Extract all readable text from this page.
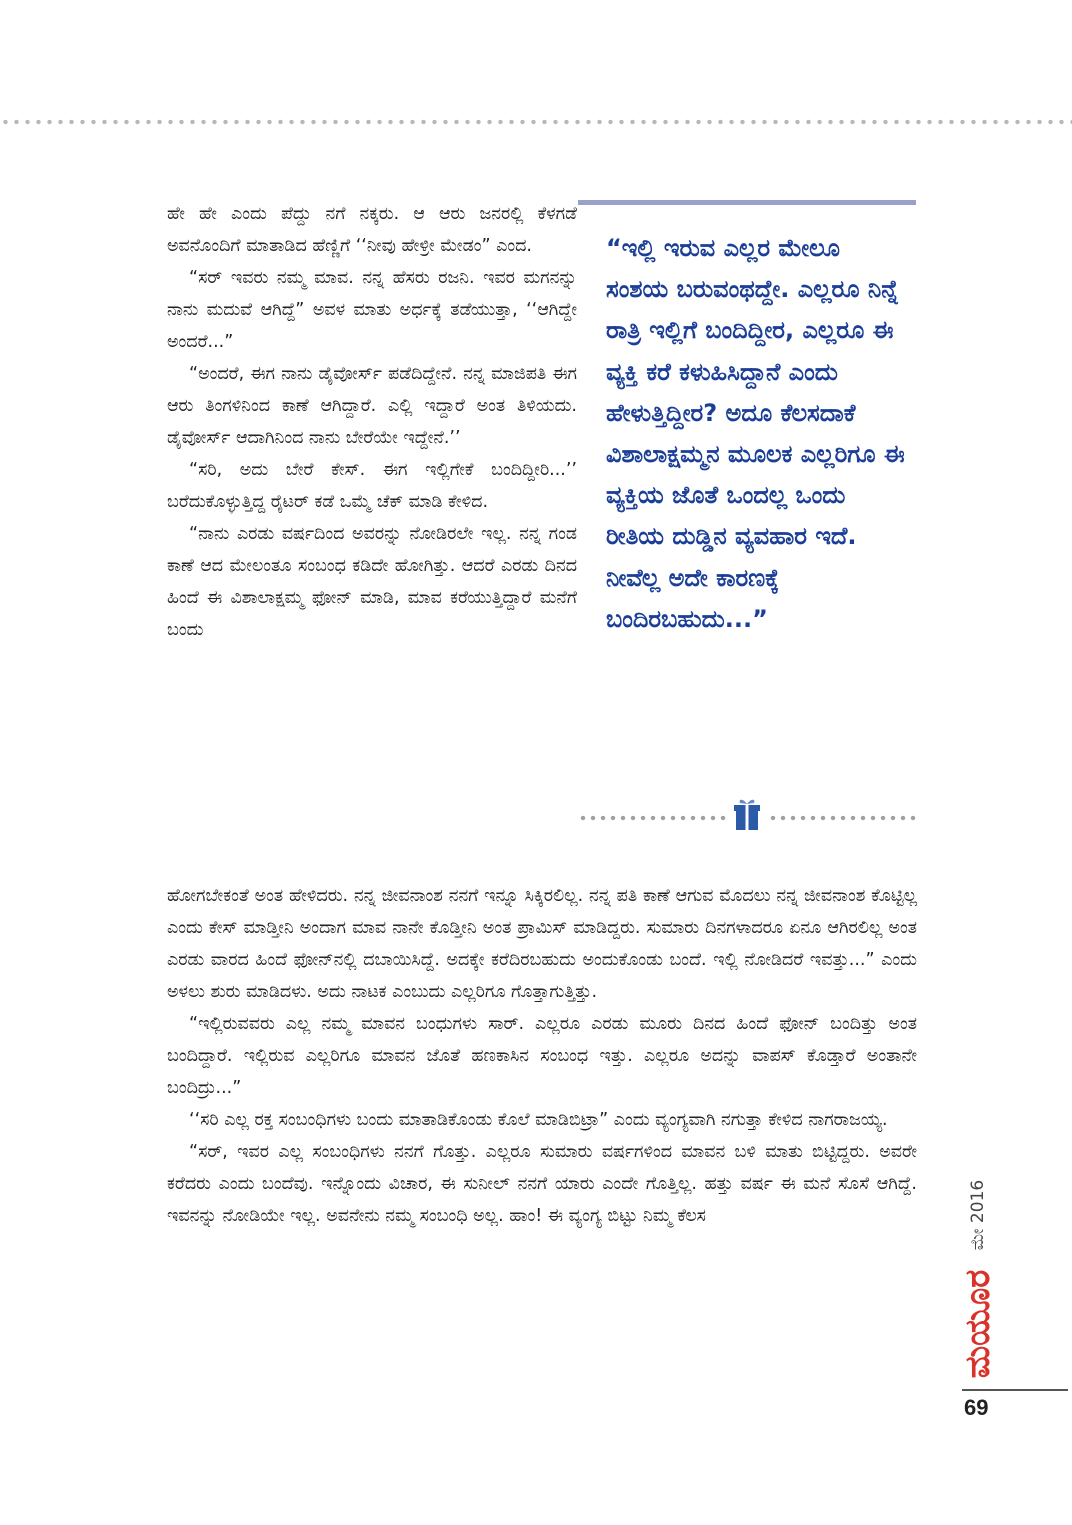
ಹೇ ಹೇ ಎಂದು ಪೆದ್ದು ನಗೆ ನಕ್ಕರು. ಆ ಆರು ಜನರಲ್ಲಿ ಕೆಳಗಡೆ ಅವನೊಂದಿಗೆ ಮಾತಾಡಿದ ಹೆಣ್ಣಿಗೆ ‘‘ನೀವು ಹೇಳ್ರೀ ಮೇಡಂ” ಎಂದ.

“ಸರ್ ಇವರು ನಮ್ಮ ಮಾವ. ನನ್ನ ಹೆಸರು ರಜನಿ. ಇವರ ಮಗನನ್ನು ನಾನು ಮದುವೆ ಆಗಿದ್ದೆ” ಅವಳ ಮಾತು ಅರ್ಧಕ್ಕೆ ತಡೆಯುತ್ತಾ, ‘‘ಆಗಿದ್ದೇ ಅಂದರೆ...”

“ಅಂದರೆ, ಈಗ ನಾನು ಡೈವೋರ್ಸ್ ಪಡೆದಿದ್ದೇನೆ. ನನ್ನ ಮಾಜಿಪತಿ ಈಗ ಆರು ತಿಂಗಳಿನಿಂದ ಕಾಣೆ ಆಗಿದ್ದಾರೆ. ಎಲ್ಲಿ ಇದ್ದಾರೆ ಅಂತ ತಿಳಿಯದು. ಡೈವೋರ್ಸ್ ಆದಾಗಿನಿಂದ ನಾನು ಬೇರೆಯೇ ಇದ್ದೇನೆ.’’

“ಸರಿ, ಅದು ಬೇರೆ ಕೇಸ್. ಈಗ ಇಲ್ಲಿಗೇಕೆ ಬಂದಿದ್ದೀರಿ...’’ ಬರೆದುಕೊಳ್ಳುತ್ತಿದ್ದ ರೈಟರ್ ಕಡೆ ಒಮ್ಮೆ ಚೆಕ್ ಮಾಡಿ ಕೇಳಿದ.

“ನಾನು ಎರಡು ವರ್ಷದಿಂದ ಅವರನ್ನು ನೋಡಿರಲೇ ಇಲ್ಲ. ನನ್ನ ಗಂಡ ಕಾಣೆ ಆದ ಮೇಲಂತೂ ಸಂಬಂಧ ಕಡಿದೇ ಹೋಗಿತ್ತು. ಆದರೆ ಎರಡು ದಿನದ ಹಿಂದೆ ಈ ವಿಶಾಲಾಕ್ಷಮ್ಮ ಫೋನ್ ಮಾಡಿ, ಮಾವ ಕರೆಯುತ್ತಿದ್ದಾರೆ ಮನೆಗೆ ಬಂದು

“ಇಲ್ಲಿ ಇರುವ ಎಲ್ಲರ ಮೇಲೂ ಸಂಶಯ ಬರುವಂಥದ್ದೇ. ಎಲ್ಲರೂ ನಿನ್ನೆ ರಾತ್ರಿ ಇಲ್ಲಿಗೆ ಬಂದಿದ್ದೀರ, ಎಲ್ಲರೂ ಈ ವ್ಯಕ್ತಿ ಕರೆ ಕಳುಹಿಸಿದ್ದಾನೆ ಎಂದು ಹೇಳುತ್ತಿದ್ದೀರ? ಅದೂ ಕೆಲಸದಾಕೆ ವಿಶಾಲಾಕ್ಷಮ್ಮನ ಮೂಲಕ ಎಲ್ಲರಿಗೂ ಈ ವ್ಯಕ್ತಿಯ ಜೊತೆ ಒಂದಲ್ಲ ಒಂದು ರೀತಿಯ ದುಡ್ಡಿನ ವ್ಯವಹಾರ ಇದೆ. ನೀವೆಲ್ಲ ಅದೇ ಕಾರಣಕ್ಕೆ ಬಂದಿರಬಹುದು...”

ಹೋಗಬೇಕಂತೆ ಅಂತ ಹೇಳಿದರು. ನನ್ನ ಜೀವನಾಂಶ ನನಗೆ ಇನ್ನೂ ಸಿಕ್ಕಿರಲಿಲ್ಲ. ನನ್ನ ಪತಿ ಕಾಣೆ ಆಗುವ ಮೊದಲು ನನ್ನ ಜೀವನಾಂಶ ಕೊಟ್ಟಿಲ್ಲ ಎಂದು ಕೇಸ್ ಮಾಡ್ತೀನಿ ಅಂದಾಗ ಮಾವ ನಾನೇ ಕೊಡ್ತೀನಿ ಅಂತ ಪ್ರಾಮಿಸ್ ಮಾಡಿದ್ದರು. ಸುಮಾರು ದಿನಗಳಾದರೂ ಏನೂ ಆಗಿರಲಿಲ್ಲ ಅಂತ ಎರಡು ವಾರದ ಹಿಂದೆ ಫೋನ್‌ನಲ್ಲಿ ದಬಾಯಿಸಿದ್ದೆ. ಅದಕ್ಕೇ ಕರೆದಿರಬಹುದು ಅಂದುಕೊಂಡು ಬಂದೆ. ಇಲ್ಲಿ ನೋಡಿದರೆ ಇವತ್ತು...” ಎಂದು ಅಳಲು ಶುರು ಮಾಡಿದಳು. ಅದು ನಾಟಕ ಎಂಬುದು ಎಲ್ಲರಿಗೂ ಗೊತ್ತಾಗುತ್ತಿತ್ತು.

“ಇಲ್ಲಿರುವವರು ಎಲ್ಲ ನಮ್ಮ ಮಾವನ ಬಂಧುಗಳು ಸಾರ್. ಎಲ್ಲರೂ ಎರಡು ಮೂರು ದಿನದ ಹಿಂದೆ ಫೋನ್ ಬಂದಿತ್ತು ಅಂತ ಬಂದಿದ್ದಾರೆ. ಇಲ್ಲಿರುವ ಎಲ್ಲರಿಗೂ ಮಾವನ ಜೊತೆ ಹಣಕಾಸಿನ ಸಂಬಂಧ ಇತ್ತು. ಎಲ್ಲರೂ ಅದನ್ನು ವಾಪಸ್ ಕೊಡ್ತಾರೆ ಅಂತಾನೇ ಬಂದಿದ್ರು...”

‘‘ಸರಿ ಎಲ್ಲ ರಕ್ತ ಸಂಬಂಧಿಗಳು ಬಂದು ಮಾತಾಡಿಕೊಂಡು ಕೊಲೆ ಮಾಡಿಬಿಟ್ರಾ” ಎಂದು ವ್ಯಂಗ್ಯವಾಗಿ ನಗುತ್ತಾ ಕೇಳಿದ ನಾಗರಾಜಯ್ಯ.

“ಸರ್, ಇವರ ಎಲ್ಲ ಸಂಬಂಧಿಗಳು ನನಗೆ ಗೊತ್ತು. ಎಲ್ಲರೂ ಸುಮಾರು ವರ್ಷಗಳಿಂದ ಮಾವನ ಬಳಿ ಮಾತು ಬಿಟ್ಟಿದ್ದರು. ಅವರೇ ಕರೆದರು ಎಂದು ಬಂದೆವು. ಇನ್ನೊಂದು ವಿಚಾರ, ಈ ಸುನೀಲ್ ನನಗೆ ಯಾರು ಎಂದೇ ಗೊತ್ತಿಲ್ಲ. ಹತ್ತು ವರ್ಷ ಈ ಮನೆ ಸೊಸೆ ಆಗಿದ್ದೆ. ಇವನನ್ನು ನೋಡಿಯೇ ಇಲ್ಲ. ಅವನೇನು ನಮ್ಮ ಸಂಬಂಧಿ ಅಲ್ಲ. ಹಾಂ! ಈ ವ್ಯಂಗ್ಯ ಬಿಟ್ಟು ನಿಮ್ಮ ಕೆಲಸ	ಮೇ 2016
ಮಯೂರ
69
